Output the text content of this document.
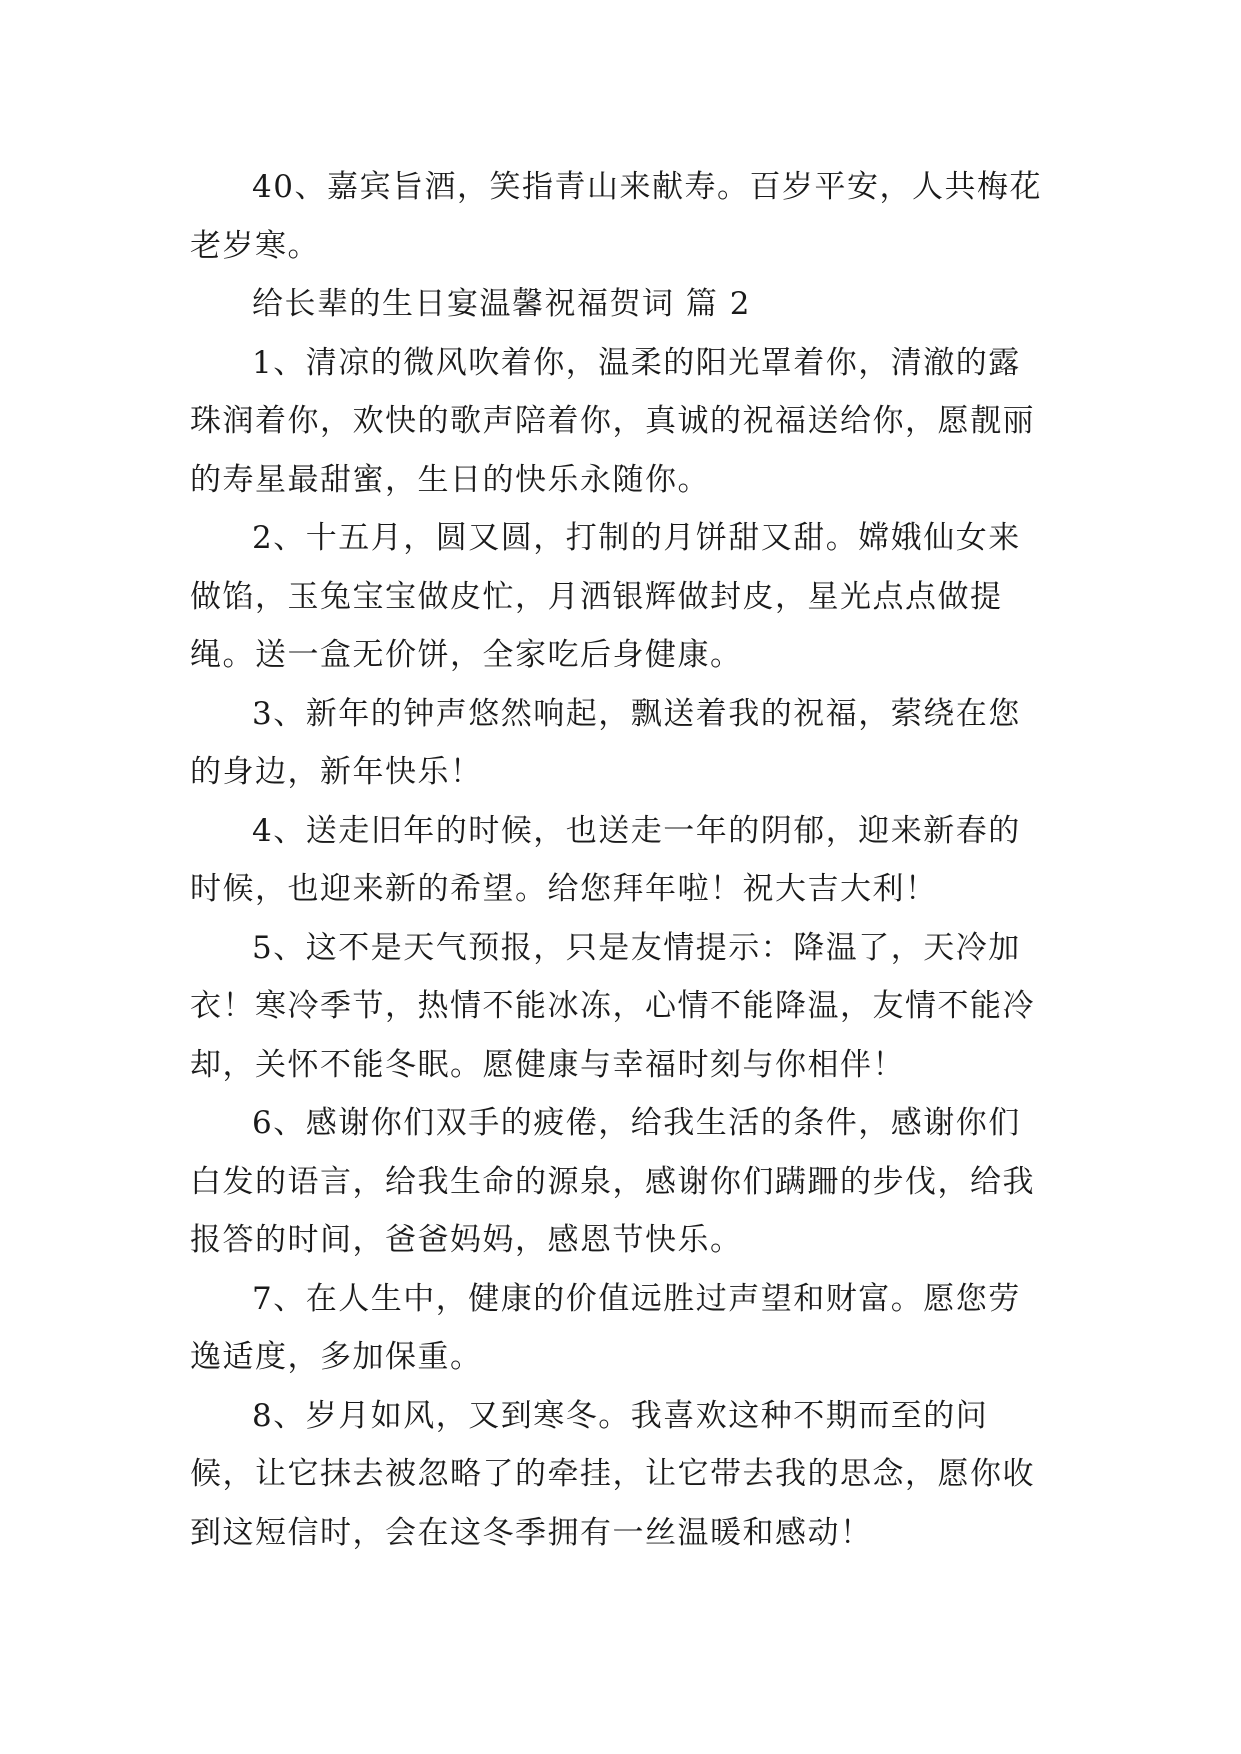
40、嘉宾旨酒，笑指青山来献寿。百岁平安，人共梅花老岁寒。

给长辈的生日宴温馨祝福贺词 篇 2

1、清凉的微风吹着你，温柔的阳光罩着你，清澈的露珠润着你，欢快的歌声陪着你，真诚的祝福送给你，愿靓丽的寿星最甜蜜，生日的快乐永随你。

2、十五月，圆又圆，打制的月饼甜又甜。嫦娥仙女来做馅，玉兔宝宝做皮忙，月洒银辉做封皮，星光点点做提绳。送一盒无价饼，全家吃后身健康。

3、新年的钟声悠然响起，飘送着我的祝福，萦绕在您的身边，新年快乐！

4、送走旧年的时候，也送走一年的阴郁，迎来新春的时候，也迎来新的希望。给您拜年啦！祝大吉大利！

5、这不是天气预报，只是友情提示：降温了，天冷加衣！寒冷季节，热情不能冰冻，心情不能降温，友情不能冷却，关怀不能冬眠。愿健康与幸福时刻与你相伴！

6、感谢你们双手的疲倦，给我生活的条件，感谢你们白发的语言，给我生命的源泉，感谢你们蹒跚的步伐，给我报答的时间，爸爸妈妈，感恩节快乐。

7、在人生中，健康的价值远胜过声望和财富。愿您劳逸适度，多加保重。

8、岁月如风，又到寒冬。我喜欢这种不期而至的问候，让它抹去被忽略了的牵挂，让它带去我的思念，愿你收到这短信时，会在这冬季拥有一丝温暖和感动！
